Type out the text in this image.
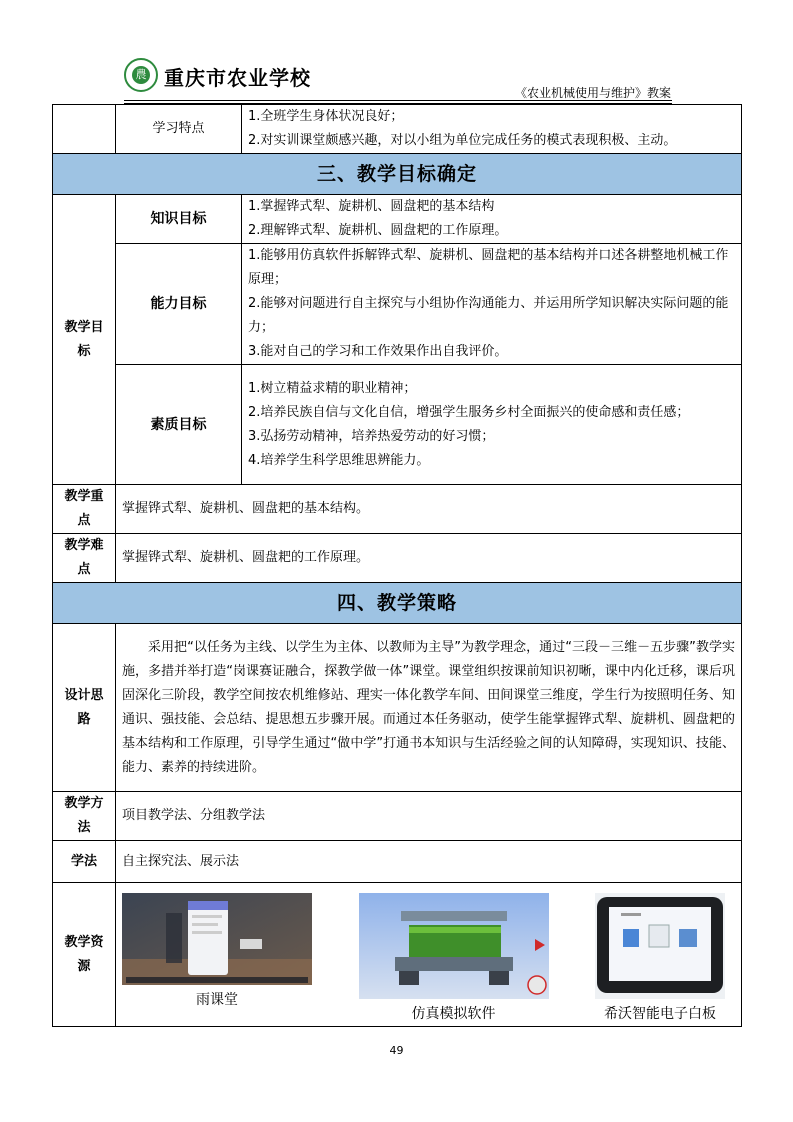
農 重庆市农业学校
《农业机械使用与维护》教案
	学习特点	1.全班学生身体状况良好；
2.对实训课堂颇感兴趣，对以小组为单位完成任务的模式表现积极、主动。

三、教学目标确定		
教学目标	知识目标	1.掌握铧式犁、旋耕机、圆盘耙的基本结构
2.理解铧式犁、旋耕机、圆盘耙的工作原理。

	能力目标	1.能够用仿真软件拆解铧式犁、旋耕机、圆盘耙的基本结构并口述各耕整地机械工作原理；
2.能够对问题进行自主探究与小组协作沟通能力、并运用所学知识解决实际问题的能力；
3.能对自己的学习和工作效果作出自我评价。

	素质目标	1.树立精益求精的职业精神；
2.培养民族自信与文化自信，增强学生服务乡村全面振兴的使命感和责任感；
3.弘扬劳动精神，培养热爱劳动的好习惯；
4.培养学生科学思维思辨能力。

教学重点	掌握铧式犁、旋耕机、圆盘耙的基本结构。	
教学难点	掌握铧式犁、旋耕机、圆盘耙的工作原理。	
四、教学策略		
设计思路	采用把“以任务为主线、以学生为主体、以教师为主导”为教学理念，通过“三段－三维－五步骤”教学实施，多措并举打造“岗课赛证融合，探教学做一体”课堂。课堂组织按课前知识初晰，课中内化迁移，课后巩固深化三阶段，教学空间按农机维修站、理实一体化教学车间、田间课堂三维度，学生行为按照明任务、知通识、强技能、会总结、提思想五步骤开展。而通过本任务驱动，使学生能掌握铧式犁、旋耕机、圆盘耙的基本结构和工作原理，引导学生通过“做中学”打通书本知识与生活经验之间的认知障碍，实现知识、技能、能力、素养的持续进阶。	
教学方法	项目教学法、分组教学法	
学法	自主探究法、展示法	
教学资源	雨课堂
仿真模拟软件 希沃智能电子白板	
49
